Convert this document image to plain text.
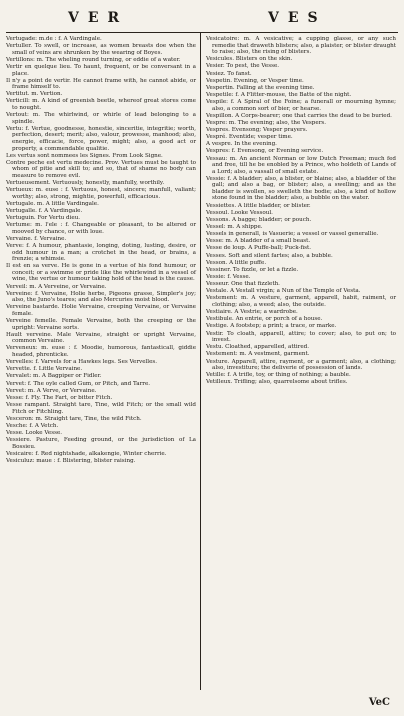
VER	VES

Vertugade: m.de : f. A Vardingale.

Vertuller. To swell, or increase, as women breasts doe when the small of veins are shrunken by the wearing of Boyes.

Vertillons: m. The wheling round turning, or eddie of a water.

Vertir en quelque lieu. To haunt, frequent, or be conversant in a place.

Il n'y a point de vertir. He cannot frame with, he cannot abide, or frame himself to.

Vertitut. m. Vertion.

Verticill: m. A kind of greenish beetle, whereof great stores come to nought.

Vertout: m. The whirlwind, or whirle of lead belonging to a spindle.

Vertu: f. Vertue, goodnesse, honestie, sinceritie, integritie; worth, perfection, desert; merit; also, valour, prowesse, manhood; also, energie, efficacie, force, power, might; also, a good act or property, a commendable qualitie.

Les vertus sont nommees les Signes. From Look Signe.

Contre peche est vertu medecine. Prov. Vertues must be taught to whom of pitie and skill to; and so, that of shame no body can measure to remove evil.

Vertueusement. Vertuously, honestly, manfully, worthily.

Vertueux: m. euse : f. Vertuous, honest, sincere; manfull, valiant; worthy; also, strong, mightie, powerfull, efficacious.

Vertugale. m. A little Vardingale.

Vertugalle. f. A Vardingale.

Vertuguin. For Vertu dieu.

Vertume: m. l'ele : f. Changeable or pleasant, to be altered or mooved by chance, or with loue.

Vervaine. f. Vervaine.

Verve: f. A humour, phantasie, longing, doting, lusting, desire, or odd humour in a man; a crotchet in the head, or brains, a frenzie; a whimsie.

Il est en sa verve. He is gone in a vertue of his fond humour, or conceit; or a swimme or pride like the whirlewind in a vessel of wine, the vertue or humour taking hold of the head is the cause.

Verveil: m. A Verveine, or Vervaine.

Verveine: f. Vervaine, Holie herbe, Pigeons grasse, Simpler's joy; also, the Juno's teares; and also Mercuries moist blood.

Verveine bastarde. Holie Vervaine, creeping Vervaine, or Vervaine female.

Verveine femelle. Female Vervaine, both the creeping or the upright: Vervaine sorts.

Hault verveine. Male Vervaine, straight or upright Vervaine, common Vervaine.

Verveneux: m. euse : f. Moodie, humorous, fantasticall, giddie headed, phrenticke.

Vervelles: f. Varvels for a Hawkes legs. Ses Vervelles.

Vervette. f. Little Vervaine.

Vervalet: m. A Bagpiper or Fidler.

Vervet: f. The oyle called Gum, or Pitch, and Tarre.

Vervet: m. A Verve, or Vervaine.

Vesse: f. Fly. The Fart, or bitter Fitch.

Vesse rampant. Straight tare, Tine, wild Fitch; or the small wild Fitch or Fitchling.

Vesceron: m. Straight tare, Tine, the wild Fitch.

Vesche: f. A Vetch.

Vesse. Looke Vesse.

Vessiere. Pasture, Feeding ground, or the jurisdiction of La Bossieu.

Vesicaire: f. Red nightshade, alkakengie, Winter cherrie.

Vesiculuz: maue : f. Blistering, blister raising.

Vesicatoire: m. A vesicative; a cupping glasse, or any such remedie that draweth blisters; also, a plaister, or blister draught to raise; also, the rising of blisters.

Vesicules. Blisters on the skin.

Vesier. To pest, the Vesse.

Vesiez. To fanst.

Vespetin. Evening, or Vesper time.

Vespertin. Falling at the evening time.

Vespetile: f. A Flitter-mouse, the Batte of the night.

Vespile: f. A Spiral of the Foine; a funerall or mourning hymne; also, a common sort of bier, or hearse.

Vespillon. A Corps-bearer; one that carries the dead to be buried.

Vespre: m. The evening; also, the Vespers.

Vespres. Evensong; Vesper prayers.

Vespré. Eventide; vesper time.

A vespre. In the evening.

Vespres: f. Evensong, or Evening service.

Vessau: m. An ancient Norman or low Dutch Freeman; much fed and free, till he be enobled by a Prince, who holdeth of Lands of a Lord; also, a vassall of small estate.

Vessie: f. A bladder; also, a blister, or blaine; also, a bladder of the gall; and also a bag, or blister; also, a swelling; and as the bladder is swollen, so swelleth the bodie; also, a kind of hollow stone found in the bladder; also, a bubble on the water.

Vessiettes. A little bladder, or blister.

Vessoul. Looke Vessoul.

Vessons. A bagge; bladder; or pouch.

Vessel: m. A shippe.

Vessels in generall, is Vasuerie; a vessel or vassel generallie.

Vesse: m. A bladder of a small beast.

Vesse de loup. A Puffe-ball; Puck-fist.

Vesses. Soft and silent fartes; also, a bubble.

Vesson. A little puffe.

Vessiner. To fizzle, or let a fizzle.

Vessie: f. Vesse.

Vesseur. One that fizzleth.

Vestale. A Vestall virgin; a Nun of the Temple of Vesta.

Vestement: m. A vesture, garment, apparell, habit, raiment, or clothing; also, a weed; also, the outside.

Vestiaire. A Vestrie; a wardrobe.

Vestibule. An entrie, or porch of a house.

Vestige. A footstep; a print; a trace, or marke.

Vestir. To cloath, apparell, attire; to cover; also, to put on; to invest.

Vestu. Cloathed, apparelled, attired.

Vestement: m. A vestment, garment.

Vesture. Apparell, attire, rayment, or a garment; also, a clothing; also, investiture; the deliverie of possession of lands.

Vetille: f. A trifle, toy, or thing of nothing; a bauble.

Vetilleux. Trifling; also, quarrelsome about trifles.

VeC
